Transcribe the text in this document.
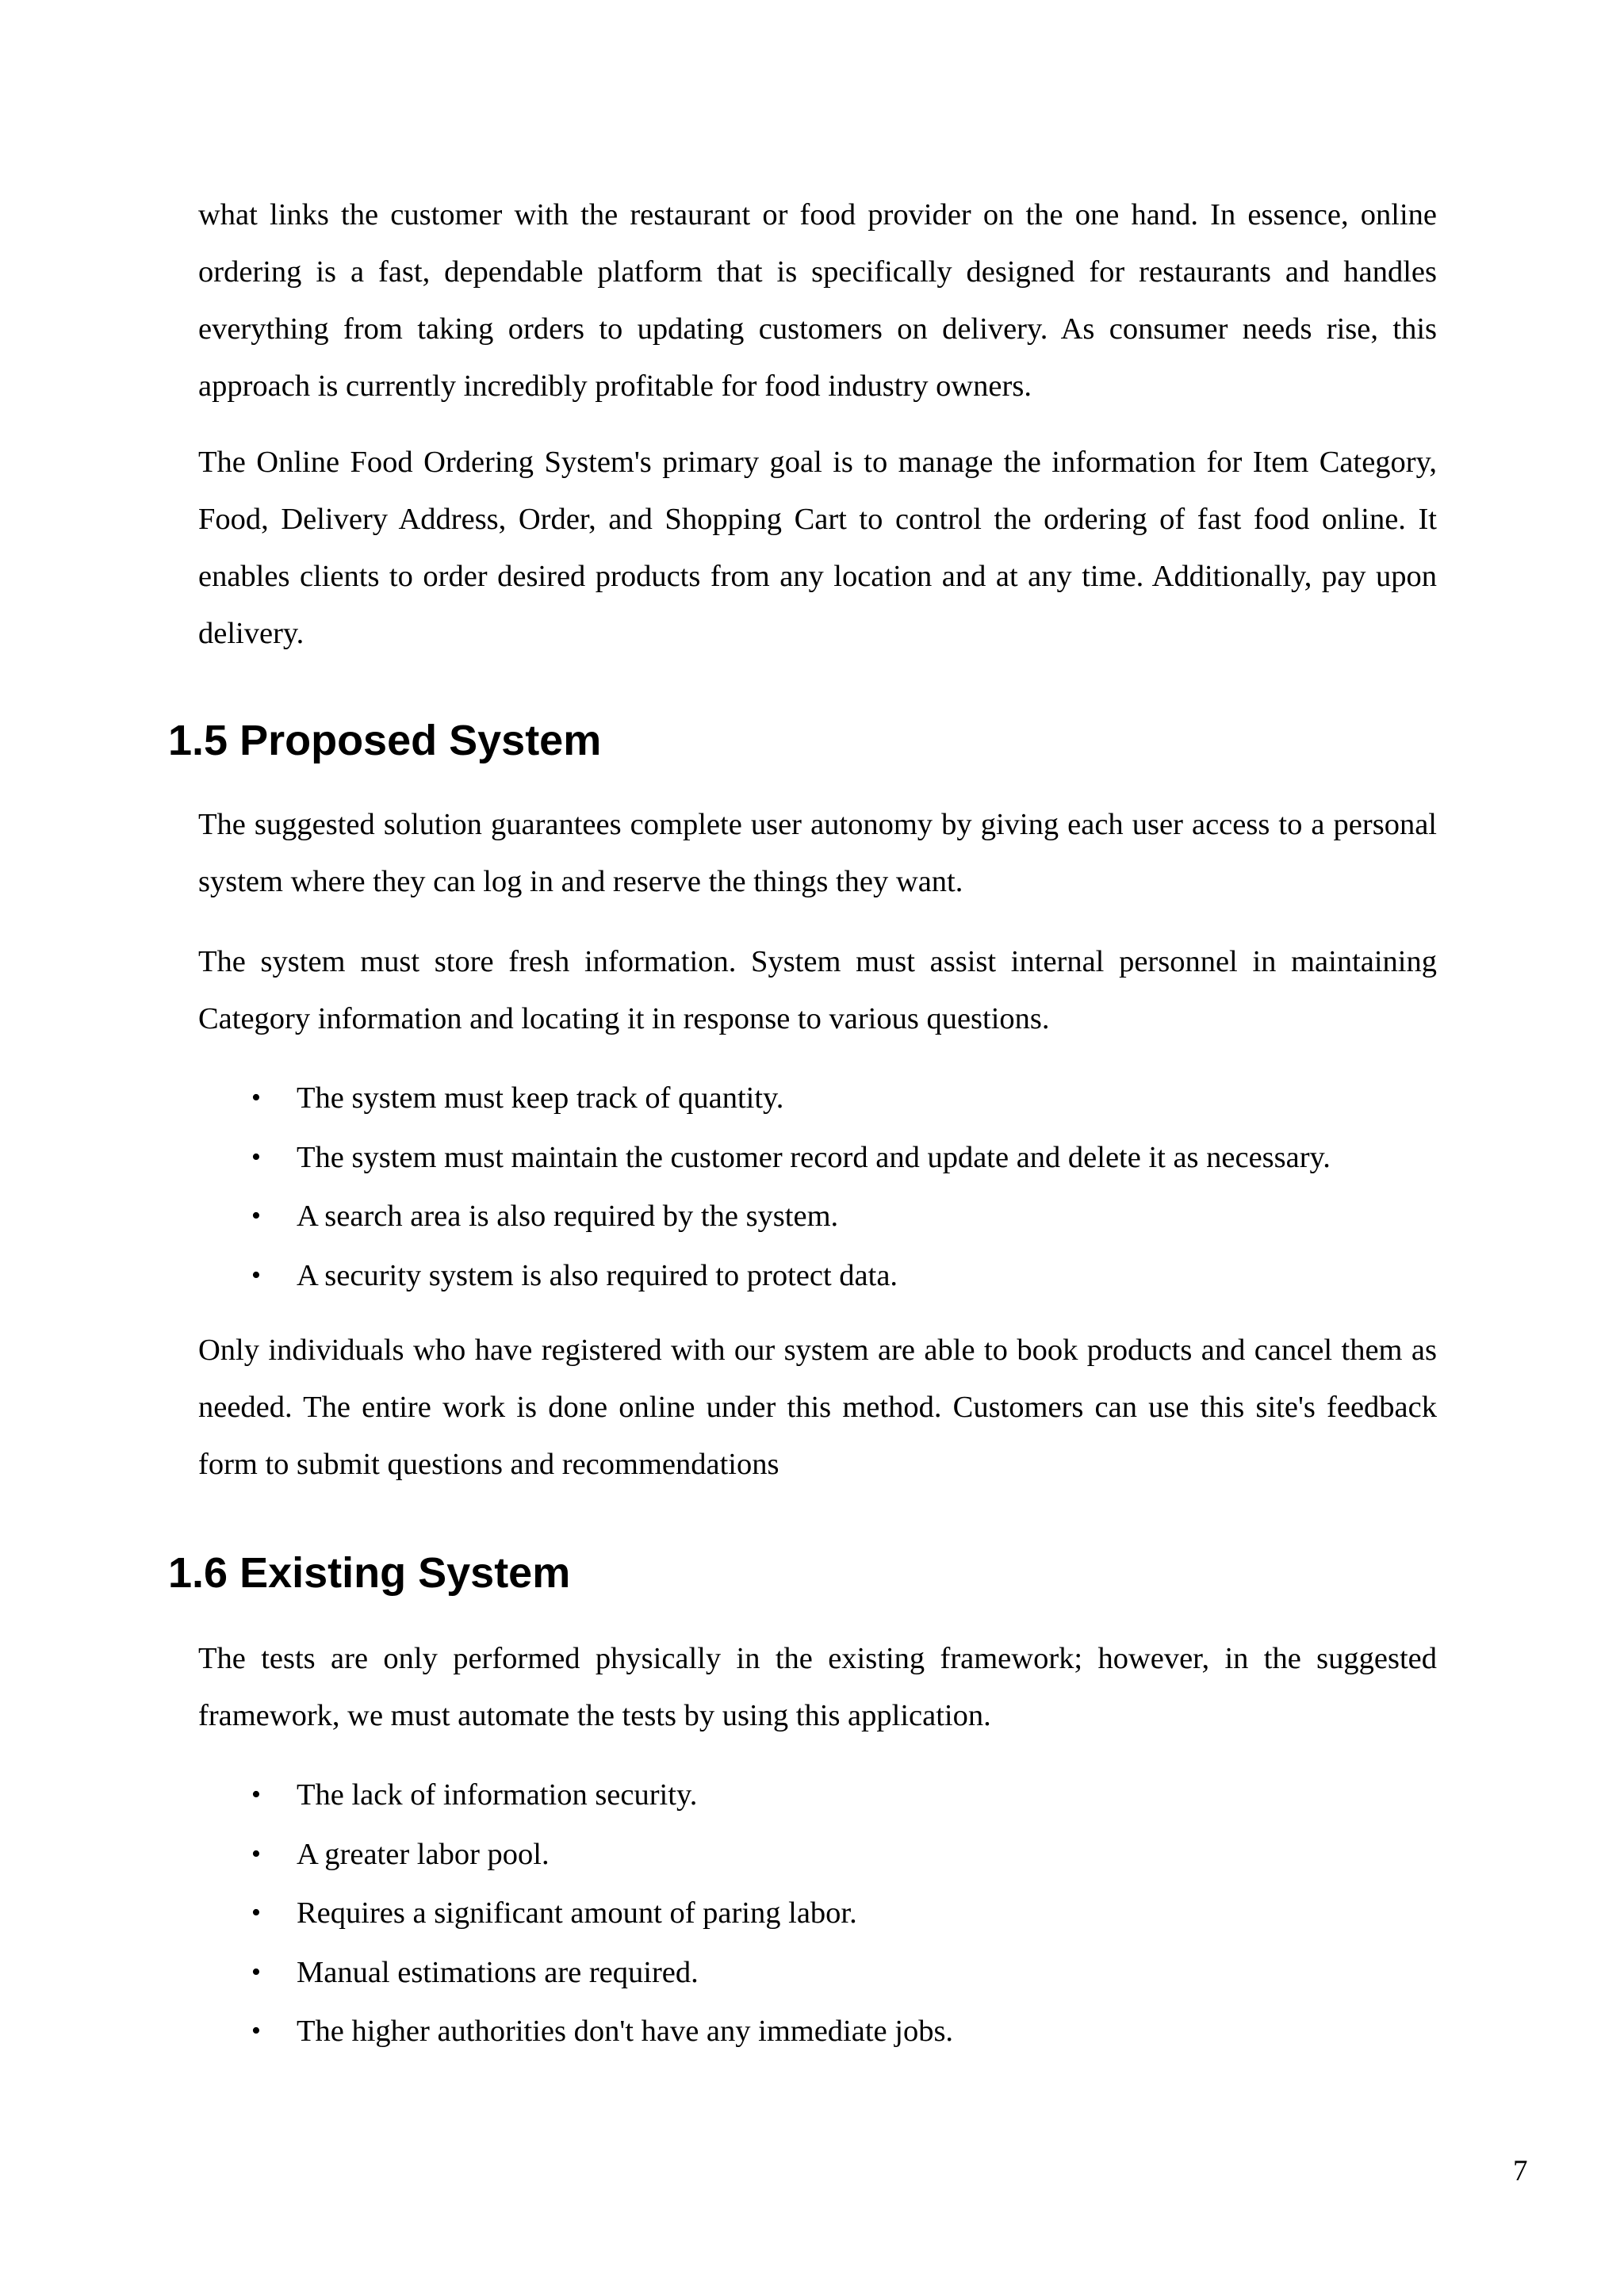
what links the customer with the restaurant or food provider on the one hand. In essence, online ordering is a fast, dependable platform that is specifically designed for restaurants and handles everything from taking orders to updating customers on delivery. As consumer needs rise, this approach is currently incredibly profitable for food industry owners.

The Online Food Ordering System's primary goal is to manage the information for Item Category, Food, Delivery Address, Order, and Shopping Cart to control the ordering of fast food online. It enables clients to order desired products from any location and at any time. Additionally, pay upon delivery.

1.5 Proposed System

The suggested solution guarantees complete user autonomy by giving each user access to a personal system where they can log in and reserve the things they want.

The system must store fresh information. System must assist internal personnel in maintaining Category information and locating it in response to various questions.

• The system must keep track of quantity.
• The system must maintain the customer record and update and delete it as necessary.
• A search area is also required by the system.
• A security system is also required to protect data.

Only individuals who have registered with our system are able to book products and cancel them as needed. The entire work is done online under this method. Customers can use this site's feedback form to submit questions and recommendations

1.6 Existing System

The tests are only performed physically in the existing framework; however, in the suggested framework, we must automate the tests by using this application.

• The lack of information security.
• A greater labor pool.
• Requires a significant amount of paring labor.
• Manual estimations are required.
• The higher authorities don't have any immediate jobs.
7
